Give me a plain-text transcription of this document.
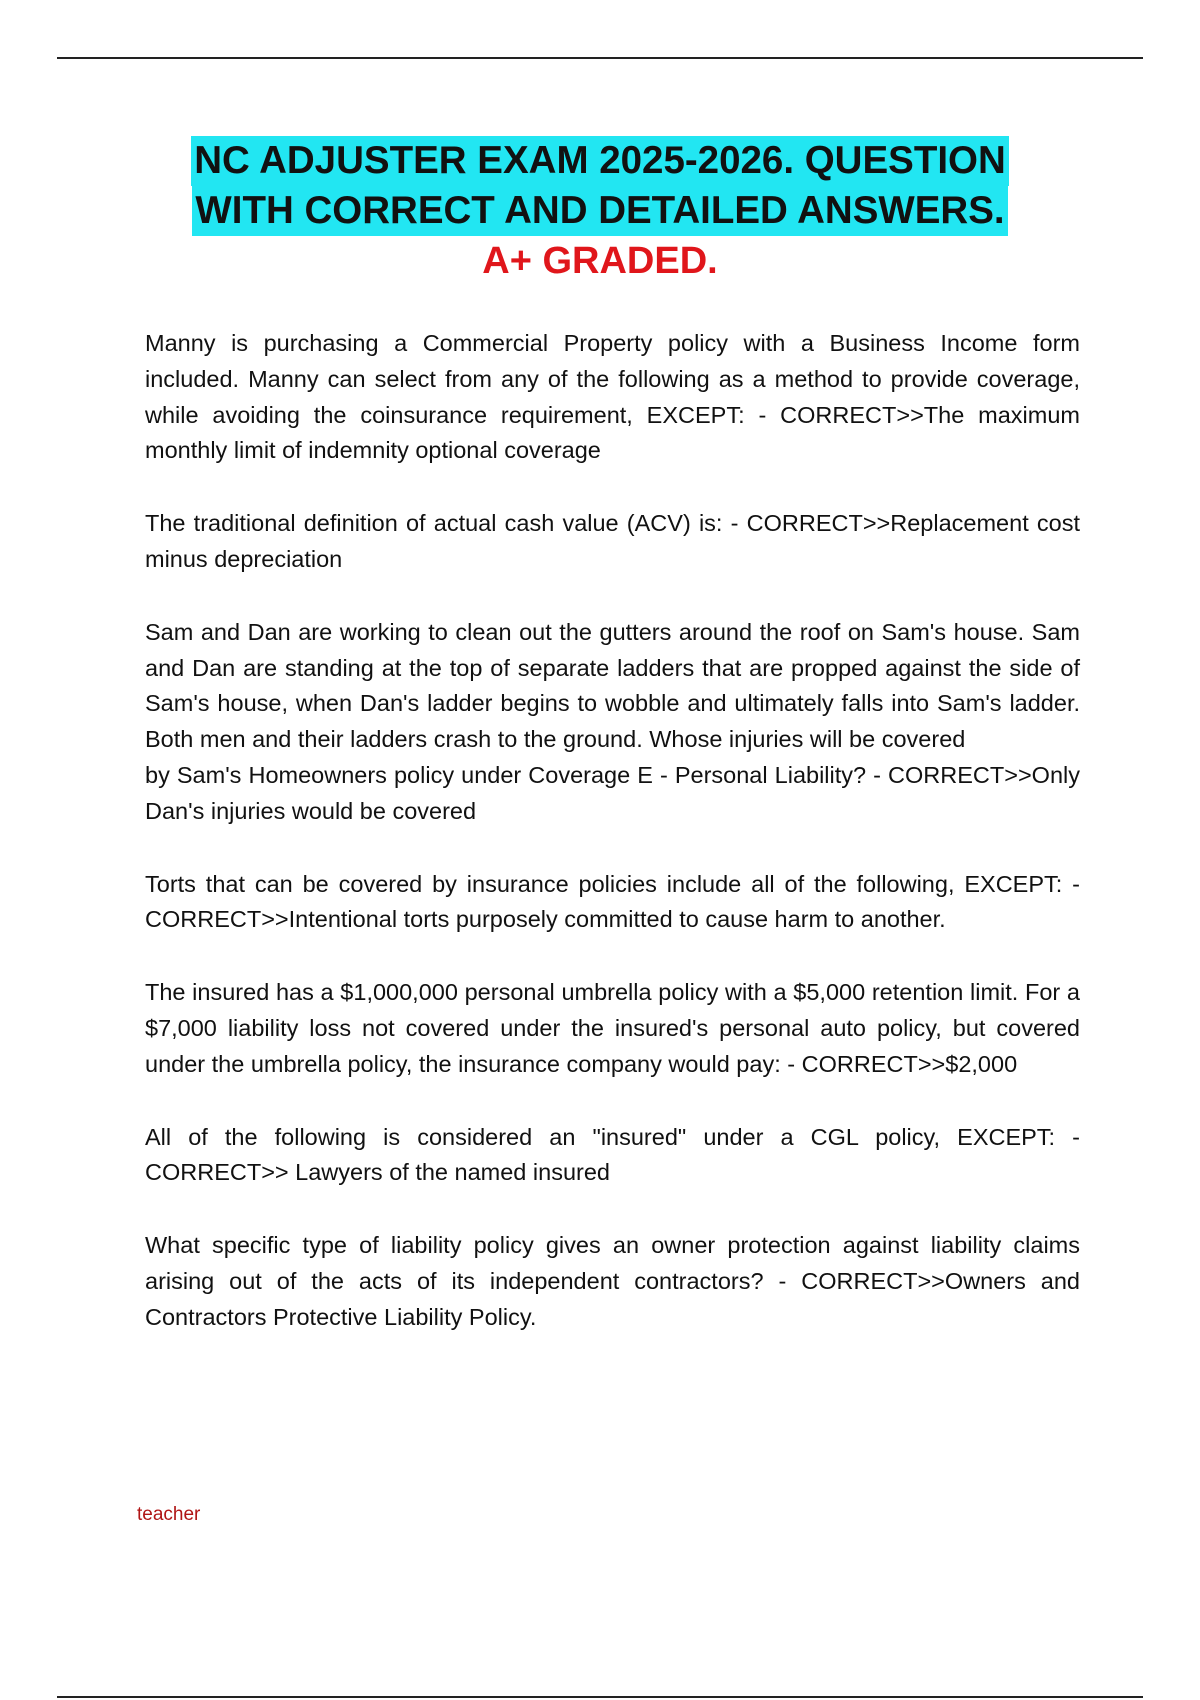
NC ADJUSTER EXAM 2025-2026. QUESTION
WITH CORRECT AND DETAILED ANSWERS.

A+ GRADED.

Manny is purchasing a Commercial Property policy with a Business Income form included. Manny can select from any of the following as a method to provide coverage, while avoiding the coinsurance requirement, EXCEPT: - CORRECT>>The maximum monthly limit of indemnity optional coverage

The traditional definition of actual cash value (ACV) is: - CORRECT>>Replacement cost minus depreciation

Sam and Dan are working to clean out the gutters around the roof on Sam's house. Sam and Dan are standing at the top of separate ladders that are propped against the side of Sam's house, when Dan's ladder begins to wobble and ultimately falls into Sam's ladder. Both men and their ladders crash to the ground. Whose injuries will be covered
by Sam's Homeowners policy under Coverage E - Personal Liability? - CORRECT>>Only Dan's injuries would be covered

Torts that can be covered by insurance policies include all of the following, EXCEPT: - CORRECT>>Intentional torts purposely committed to cause harm to another.

The insured has a $1,000,000 personal umbrella policy with a $5,000 retention limit. For a $7,000 liability loss not covered under the insured's personal auto policy, but covered under the umbrella policy, the insurance company would pay: - CORRECT>>$2,000

All of the following is considered an "insured" under a CGL policy, EXCEPT: - CORRECT>> Lawyers of the named insured

What specific type of liability policy gives an owner protection against liability claims arising out of the acts of its independent contractors? - CORRECT>>Owners and Contractors Protective Liability Policy.

teacher
